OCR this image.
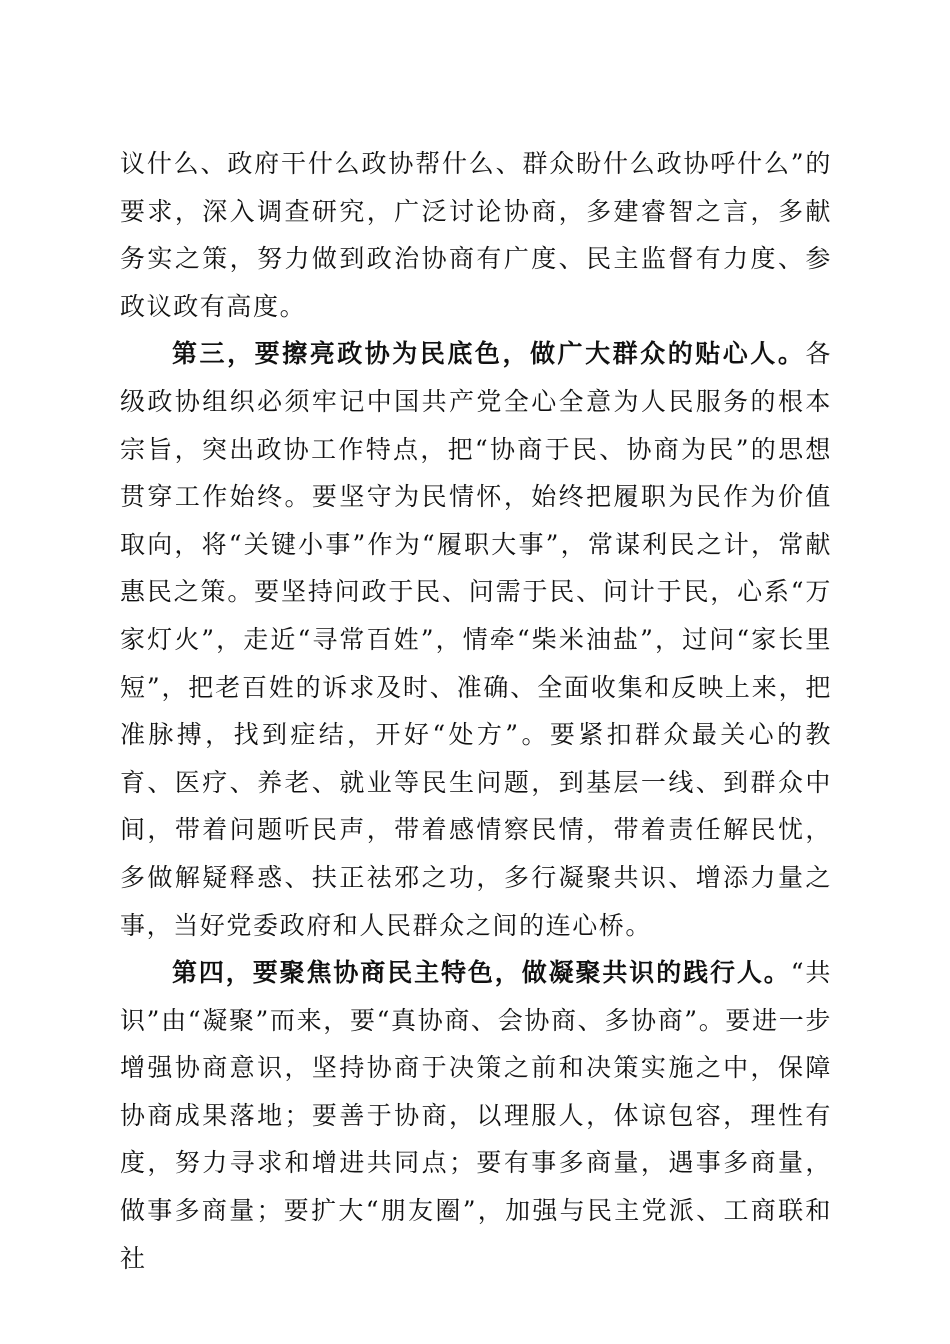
议什么、政府干什么政协帮什么、群众盼什么政协呼什么”的要求，深入调查研究，广泛讨论协商，多建睿智之言，多献务实之策，努力做到政治协商有广度、民主监督有力度、参政议政有高度。

第三，要擦亮政协为民底色，做广大群众的贴心人。各级政协组织必须牢记中国共产党全心全意为人民服务的根本宗旨，突出政协工作特点，把“协商于民、协商为民”的思想贯穿工作始终。要坚守为民情怀，始终把履职为民作为价值取向，将“关键小事”作为“履职大事”，常谋利民之计，常献惠民之策。要坚持问政于民、问需于民、问计于民，心系“万家灯火”，走近“寻常百姓”，情牵“柴米油盐”，过问“家长里短”，把老百姓的诉求及时、准确、全面收集和反映上来，把准脉搏，找到症结，开好“处方”。要紧扣群众最关心的教育、医疗、养老、就业等民生问题，到基层一线、到群众中间，带着问题听民声，带着感情察民情，带着责任解民忧，多做解疑释惑、扶正祛邪之功，多行凝聚共识、增添力量之事，当好党委政府和人民群众之间的连心桥。

第四，要聚焦协商民主特色，做凝聚共识的践行人。“共识”由“凝聚”而来，要“真协商、会协商、多协商”。要进一步增强协商意识，坚持协商于决策之前和决策实施之中，保障协商成果落地；要善于协商，以理服人，体谅包容，理性有度，努力寻求和增进共同点；要有事多商量，遇事多商量，做事多商量；要扩大“朋友圈”，加强与民主党派、工商联和社
